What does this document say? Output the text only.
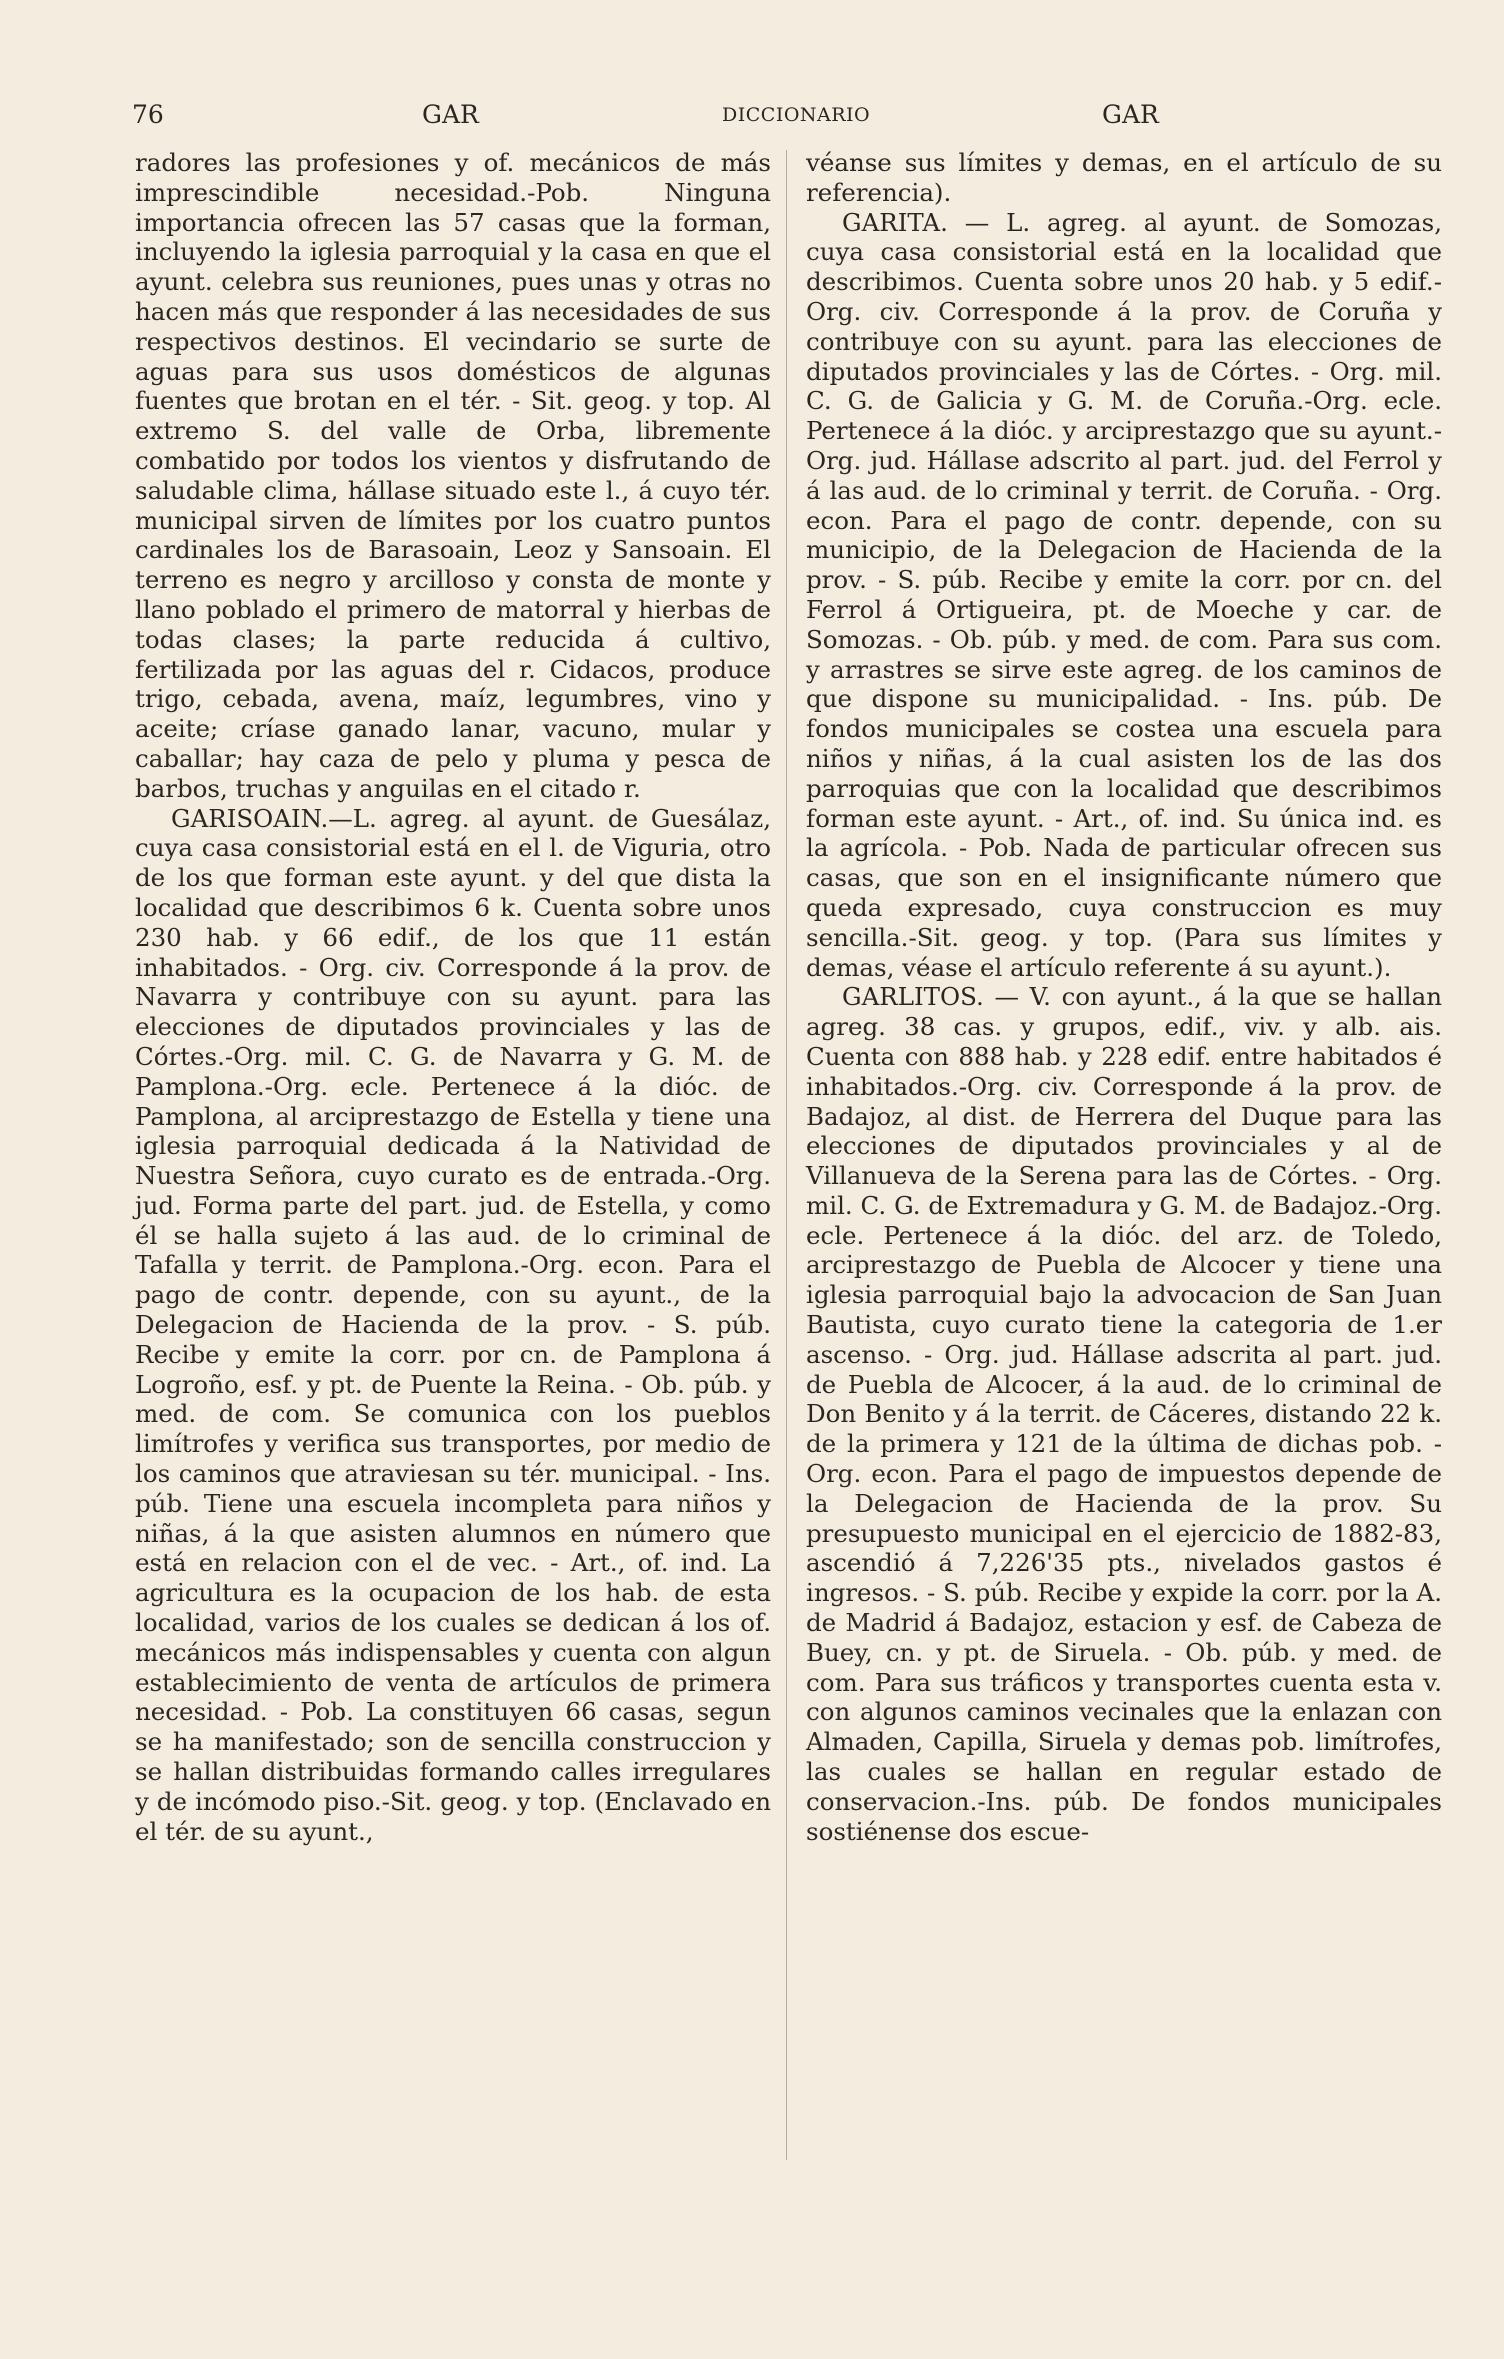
76	GAR	DICCIONARIO	GAR

radores las profesiones y of. mecánicos de más imprescindible necesidad.-Pob. Ninguna importancia ofrecen las 57 casas que la forman, incluyendo la iglesia parroquial y la casa en que el ayunt. celebra sus reuniones, pues unas y otras no hacen más que responder á las necesidades de sus respectivos destinos. El vecindario se surte de aguas para sus usos domésticos de algunas fuentes que brotan en el tér. - Sit. geog. y top. Al extremo S. del valle de Orba, libremente combatido por todos los vientos y disfrutando de saludable clima, hállase situado este l., á cuyo tér. municipal sirven de límites por los cuatro puntos cardinales los de Barasoain, Leoz y Sansoain. El terreno es negro y arcilloso y consta de monte y llano poblado el primero de matorral y hierbas de todas clases; la parte reducida á cultivo, fertilizada por las aguas del r. Cidacos, produce trigo, cebada, avena, maíz, legumbres, vino y aceite; críase ganado lanar, vacuno, mular y caballar; hay caza de pelo y pluma y pesca de barbos, truchas y anguilas en el citado r.

GARISOAIN.—L. agreg. al ayunt. de Guesálaz, cuya casa consistorial está en el l. de Viguria, otro de los que forman este ayunt. y del que dista la localidad que describimos 6 k. Cuenta sobre unos 230 hab. y 66 edif., de los que 11 están inhabitados. - Org. civ. Corresponde á la prov. de Navarra y contribuye con su ayunt. para las elecciones de diputados provinciales y las de Córtes.-Org. mil. C. G. de Navarra y G. M. de Pamplona.-Org. ecle. Pertenece á la dióc. de Pamplona, al arciprestazgo de Estella y tiene una iglesia parroquial dedicada á la Natividad de Nuestra Señora, cuyo curato es de entrada.-Org. jud. Forma parte del part. jud. de Estella, y como él se halla sujeto á las aud. de lo criminal de Tafalla y territ. de Pamplona.-Org. econ. Para el pago de contr. depende, con su ayunt., de la Delegacion de Hacienda de la prov. - S. púb. Recibe y emite la corr. por cn. de Pamplona á Logroño, esf. y pt. de Puente la Reina. - Ob. púb. y med. de com. Se comunica con los pueblos limítrofes y verifica sus transportes, por medio de los caminos que atraviesan su tér. municipal. - Ins. púb. Tiene una escuela incompleta para niños y niñas, á la que asisten alumnos en número que está en relacion con el de vec. - Art., of. ind. La agricultura es la ocupacion de los hab. de esta localidad, varios de los cuales se dedican á los of. mecánicos más indispensables y cuenta con algun establecimiento de venta de artículos de primera necesidad. - Pob. La constituyen 66 casas, segun se ha manifestado; son de sencilla construccion y se hallan distribuidas formando calles irregulares y de incómodo piso.-Sit. geog. y top. (Enclavado en el tér. de su ayunt.,

véanse sus límites y demas, en el artículo de su referencia).

GARITA. — L. agreg. al ayunt. de Somozas, cuya casa consistorial está en la localidad que describimos. Cuenta sobre unos 20 hab. y 5 edif.-Org. civ. Corresponde á la prov. de Coruña y contribuye con su ayunt. para las elecciones de diputados provinciales y las de Córtes. - Org. mil. C. G. de Galicia y G. M. de Coruña.-Org. ecle. Pertenece á la dióc. y arciprestazgo que su ayunt.-Org. jud. Hállase adscrito al part. jud. del Ferrol y á las aud. de lo criminal y territ. de Coruña. - Org. econ. Para el pago de contr. depende, con su municipio, de la Delegacion de Hacienda de la prov. - S. púb. Recibe y emite la corr. por cn. del Ferrol á Ortigueira, pt. de Moeche y car. de Somozas. - Ob. púb. y med. de com. Para sus com. y arrastres se sirve este agreg. de los caminos de que dispone su municipalidad. - Ins. púb. De fondos municipales se costea una escuela para niños y niñas, á la cual asisten los de las dos parroquias que con la localidad que describimos forman este ayunt. - Art., of. ind. Su única ind. es la agrícola. - Pob. Nada de particular ofrecen sus casas, que son en el insignificante número que queda expresado, cuya construccion es muy sencilla.-Sit. geog. y top. (Para sus límites y demas, véase el artículo referente á su ayunt.).

GARLITOS. — V. con ayunt., á la que se hallan agreg. 38 cas. y grupos, edif., viv. y alb. ais. Cuenta con 888 hab. y 228 edif. entre habitados é inhabitados.-Org. civ. Corresponde á la prov. de Badajoz, al dist. de Herrera del Duque para las elecciones de diputados provinciales y al de Villanueva de la Serena para las de Córtes. - Org. mil. C. G. de Extremadura y G. M. de Badajoz.-Org. ecle. Pertenece á la dióc. del arz. de Toledo, arciprestazgo de Puebla de Alcocer y tiene una iglesia parroquial bajo la advocacion de San Juan Bautista, cuyo curato tiene la categoria de 1.er ascenso. - Org. jud. Hállase adscrita al part. jud. de Puebla de Alcocer, á la aud. de lo criminal de Don Benito y á la territ. de Cáceres, distando 22 k. de la primera y 121 de la última de dichas pob. - Org. econ. Para el pago de impuestos depende de la Delegacion de Hacienda de la prov. Su presupuesto municipal en el ejercicio de 1882-83, ascendió á 7,226'35 pts., nivelados gastos é ingresos. - S. púb. Recibe y expide la corr. por la A. de Madrid á Badajoz, estacion y esf. de Cabeza de Buey, cn. y pt. de Siruela. - Ob. púb. y med. de com. Para sus tráficos y transportes cuenta esta v. con algunos caminos vecinales que la enlazan con Almaden, Capilla, Siruela y demas pob. limítrofes, las cuales se hallan en regular estado de conservacion.-Ins. púb. De fondos municipales sostiénense dos escue-
